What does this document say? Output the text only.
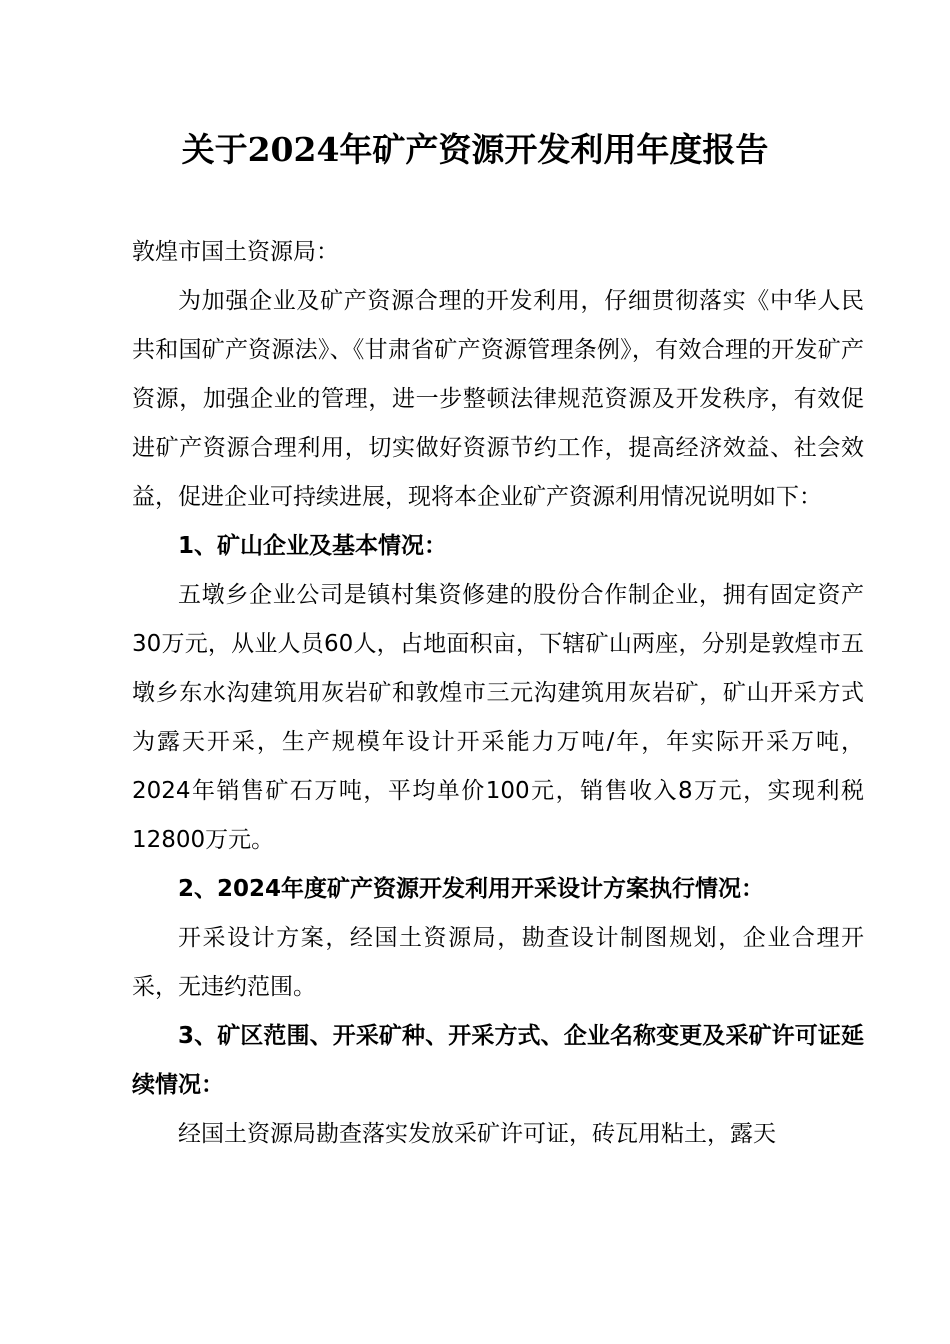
关于2024年矿产资源开发利用年度报告

敦煌市国土资源局：

为加强企业及矿产资源合理的开发利用，仔细贯彻落实《中华人民共和国矿产资源法》、《甘肃省矿产资源管理条例》，有效合理的开发矿产资源，加强企业的管理，进一步整顿法律规范资源及开发秩序，有效促进矿产资源合理利用，切实做好资源节约工作，提高经济效益、社会效益，促进企业可持续进展，现将本企业矿产资源利用情况说明如下：

1、矿山企业及基本情况：

五墩乡企业公司是镇村集资修建的股份合作制企业，拥有固定资产30万元，从业人员60人，占地面积亩，下辖矿山两座，分别是敦煌市五墩乡东水沟建筑用灰岩矿和敦煌市三元沟建筑用灰岩矿，矿山开采方式为露天开采，生产规模年设计开采能力万吨/年，年实际开采万吨，2024年销售矿石万吨，平均单价100元，销售收入8万元，实现利税12800万元。

2、2024年度矿产资源开发利用开采设计方案执行情况：

开采设计方案，经国土资源局，勘查设计制图规划，企业合理开采，无违约范围。

3、矿区范围、开采矿种、开采方式、企业名称变更及采矿许可证延续情况：

经国土资源局勘查落实发放采矿许可证，砖瓦用粘土，露天
